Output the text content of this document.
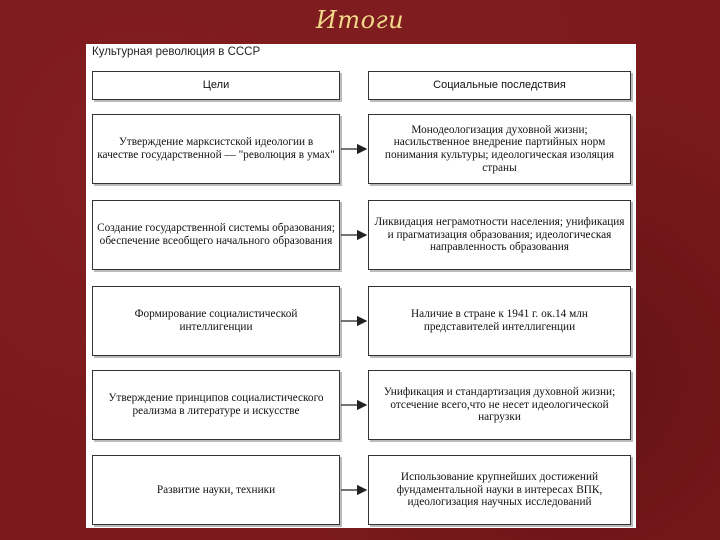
Итоги
Культурная революция в СССР
Цели	Социальные последствия
Утверждение марксистской идеологии в качестве государственной — "революция в умах"
Монодеологизация духовной жизни; насильственное внедрение партийных норм понимания культуры; идеологическая изоляция страны
Создание государственной системы образования; обеспечение всеобщего начального образования
Ликвидация неграмотности населения; унификация и прагматизация образования; идеологическая направленность образования
Формирование социалистической интеллигенции
Наличие в стране к 1941 г. ок.14 млн представителей интеллигенции
Утверждение принципов социалистического реализма в литературе и искусстве
Унификация и стандартизация духовной жизни; отсечение всего,что не несет идеологической нагрузки
Развитие науки, техники
Использование крупнейших достижений фундаментальной науки в интересах ВПК, идеологизация научных исследований
